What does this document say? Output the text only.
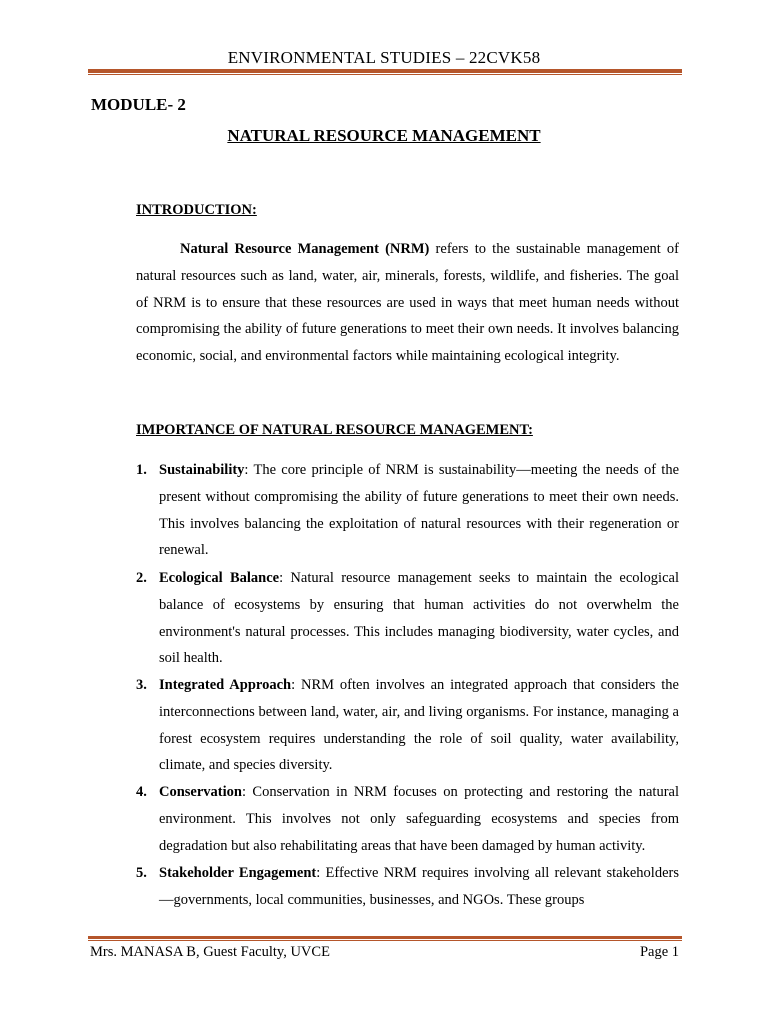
ENVIRONMENTAL STUDIES – 22CVK58
MODULE- 2
NATURAL RESOURCE MANAGEMENT
INTRODUCTION:

Natural Resource Management (NRM) refers to the sustainable management of natural resources such as land, water, air, minerals, forests, wildlife, and fisheries. The goal of NRM is to ensure that these resources are used in ways that meet human needs without compromising the ability of future generations to meet their own needs. It involves balancing economic, social, and environmental factors while maintaining ecological integrity.

IMPORTANCE OF NATURAL RESOURCE MANAGEMENT:
1. Sustainability: The core principle of NRM is sustainability—meeting the needs of the present without compromising the ability of future generations to meet their own needs. This involves balancing the exploitation of natural resources with their regeneration or renewal.
2. Ecological Balance: Natural resource management seeks to maintain the ecological balance of ecosystems by ensuring that human activities do not overwhelm the environment's natural processes. This includes managing biodiversity, water cycles, and soil health.
3. Integrated Approach: NRM often involves an integrated approach that considers the interconnections between land, water, air, and living organisms. For instance, managing a forest ecosystem requires understanding the role of soil quality, water availability, climate, and species diversity.
4. Conservation: Conservation in NRM focuses on protecting and restoring the natural environment. This involves not only safeguarding ecosystems and species from degradation but also rehabilitating areas that have been damaged by human activity.
5. Stakeholder Engagement: Effective NRM requires involving all relevant stakeholders—governments, local communities, businesses, and NGOs. These groups
Mrs. MANASA B, Guest Faculty, UVCE	Page 1
